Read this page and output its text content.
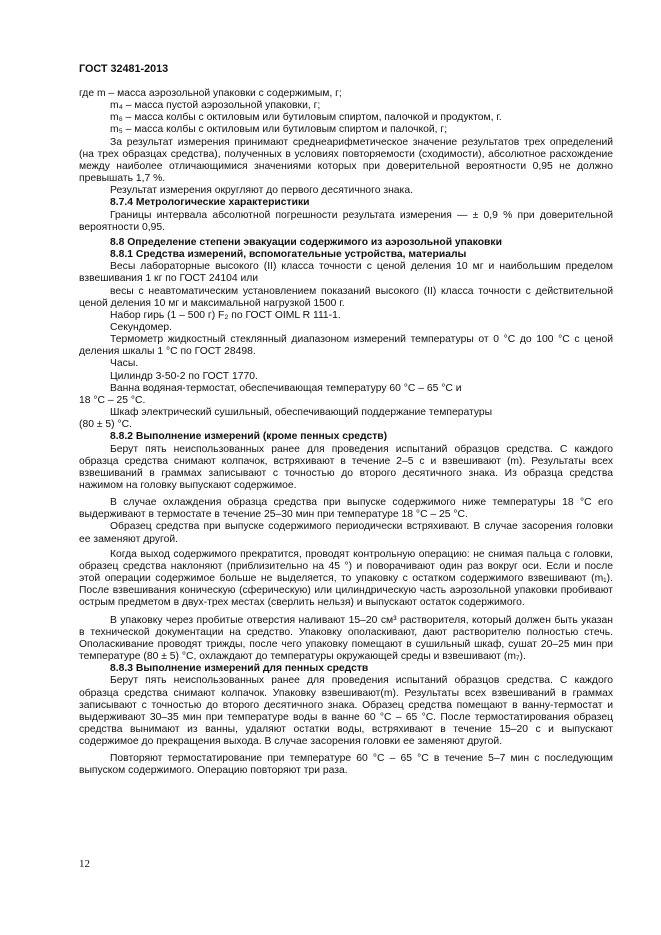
ГОСТ 32481-2013

где m – масса аэрозольной упаковки с содержимым, г;

m₄ – масса пустой аэрозольной упаковки, г;

m₆ – масса колбы с октиловым или бутиловым спиртом, палочкой и продуктом, г.

m₅ – масса колбы с октиловым или бутиловым спиртом и палочкой, г;

За результат измерения принимают среднеарифметическое значение результатов трех определений (на трех образцах средства), полученных в условиях повторяемости (сходимости), абсолютное расхождение между наиболее отличающимися значениями которых при доверительной вероятности 0,95 не должно превышать 1,7 %.

Результат измерения округляют до первого десятичного знака.

8.7.4 Метрологические характеристики

Границы интервала абсолютной погрешности результата измерения — ± 0,9 % при доверительной вероятности 0,95.

8.8 Определение степени эвакуации содержимого из аэрозольной упаковки

8.8.1 Средства измерений, вспомогательные устройства, материалы

Весы лабораторные высокого (II) класса точности с ценой деления 10 мг и наибольшим пределом взвешивания 1 кг по ГОСТ 24104 или

весы с неавтоматическим установлением показаний высокого (II) класса точности с действительной ценой деления 10 мг и максимальной нагрузкой 1500 г.

Набор гирь (1 – 500 г) F₂ по ГОСТ OIML R 111-1.

Секундомер.

Термометр жидкостный стеклянный диапазоном измерений температуры от 0 °С до 100 °С с ценой деления шкалы 1 °С по ГОСТ 28498.

Часы.

Цилиндр 3-50-2 по ГОСТ 1770.

Ванна водяная-термостат, обеспечивающая температуру 60 °С – 65 °С и

18 °С – 25 °С.

Шкаф электрический сушильный, обеспечивающий поддержание температуры

(80 ± 5) °С.

8.8.2 Выполнение измерений (кроме пенных средств)

Берут пять неиспользованных ранее для проведения испытаний образцов средства. С каждого образца средства снимают колпачок, встряхивают в течение 2–5 с и взвешивают (m). Результаты всех взвешиваний в граммах записывают с точностью до второго десятичного знака. Из образца средства нажимом на головку выпускают содержимое.

В случае охлаждения образца средства при выпуске содержимого ниже температуры 18 °С его выдерживают в термостате в течение 25–30 мин при температуре 18 °С – 25 °С.

Образец средства при выпуске содержимого периодически встряхивают. В случае засорения головки ее заменяют другой.

Когда выход содержимого прекратится, проводят контрольную операцию: не снимая пальца с головки, образец средства наклоняют (приблизительно на 45 °) и поворачивают один раз вокруг оси. Если и после этой операции содержимое больше не выделяется, то упаковку с остатком содержимого взвешивают (m₁). После взвешивания коническую (сферическую) или цилиндрическую часть аэрозольной упаковки пробивают острым предметом в двух-трех местах (сверлить нельзя) и выпускают остаток содержимого.

В упаковку через пробитые отверстия наливают 15–20 см³ растворителя, который должен быть указан в технической документации на средство. Упаковку ополаскивают, дают растворителю полностью стечь. Ополаскивание проводят трижды, после чего упаковку помещают в сушильный шкаф, сушат 20–25 мин при температуре (80 ± 5) °С, охлаждают до температуры окружающей среды и взвешивают (m₇).

8.8.3 Выполнение измерений для пенных средств

Берут пять неиспользованных ранее для проведения испытаний образцов средства. С каждого образца средства снимают колпачок. Упаковку взвешивают(m). Результаты всех взвешиваний в граммах записывают с точностью до второго десятичного знака. Образец средства помещают в ванну-термостат и выдерживают 30–35 мин при температуре воды в ванне 60 °С – 65 °С. После термостатирования образец средства вынимают из ванны, удаляют остатки воды, встряхивают в течение 15–20 с и выпускают содержимое до прекращения выхода. В случае засорения головки ее заменяют другой.

Повторяют термостатирование при температуре 60 °С – 65 °С в течение 5–7 мин с последующим выпуском содержимого. Операцию повторяют три раза.

12
